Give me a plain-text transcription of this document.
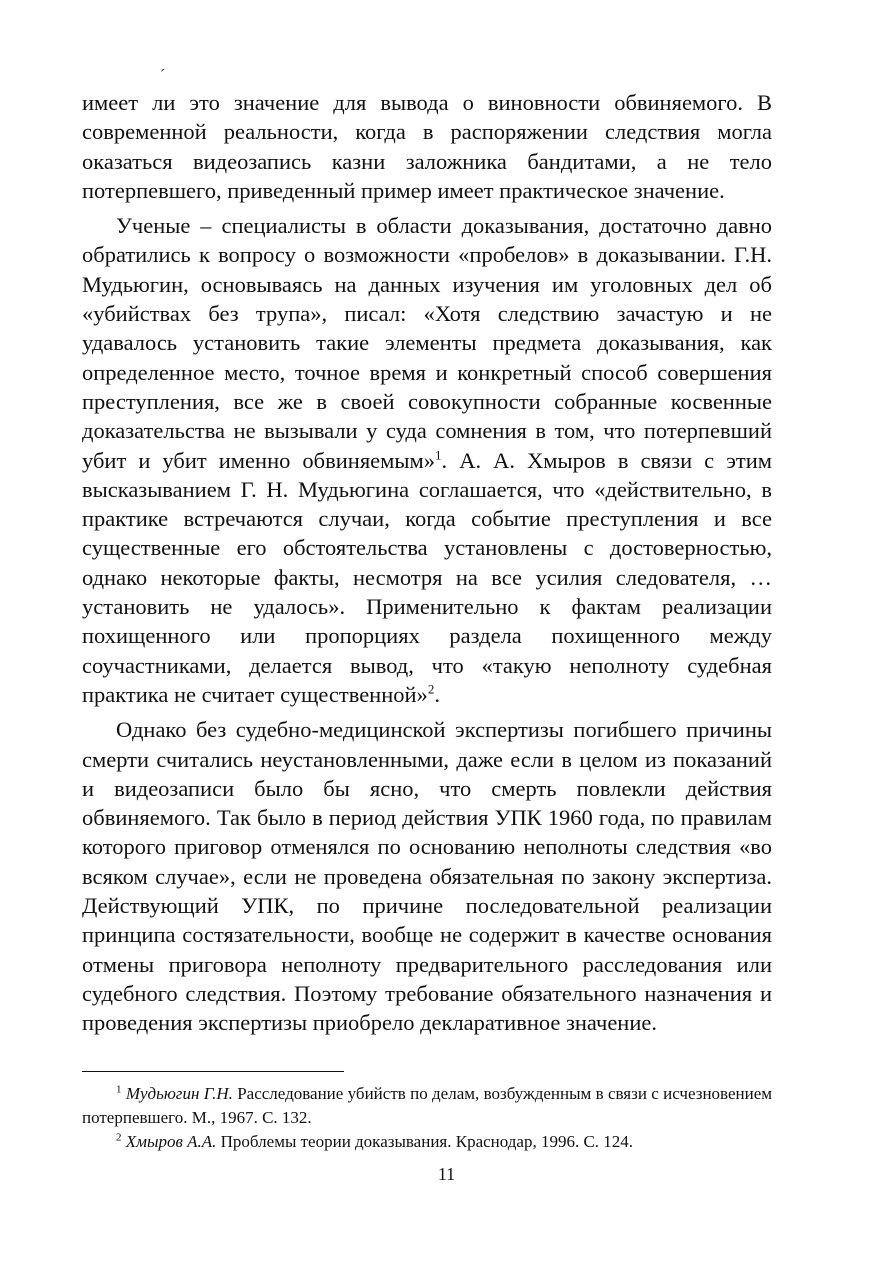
ˊ

имеет ли это значение для вывода о виновности обвиняемого. В современной реальности, когда в распоряжении следствия могла оказаться видеозапись казни заложника бандитами, а не тело потерпевшего, приведенный пример имеет практическое значение.

Ученые – специалисты в области доказывания, достаточно давно обратились к вопросу о возможности «пробелов» в доказывании. Г.Н. Мудьюгин, основываясь на данных изучения им уголовных дел об «убийствах без трупа», писал: «Хотя следствию зачастую и не удавалось установить такие элементы предмета доказывания, как определенное место, точное время и конкретный способ совершения преступления, все же в своей совокупности собранные косвенные доказательства не вызывали у суда сомнения в том, что потерпевший убит и убит именно обвиняемым»$^1$. А. А. Хмыров в связи с этим высказыванием Г. Н. Мудьюгина соглашается, что «действительно, в практике встречаются случаи, когда событие преступления и все существенные его обстоятельства установлены с достоверностью, однако некоторые факты, несмотря на все усилия следователя, … установить не удалось». Применительно к фактам реализации похищенного или пропорциях раздела похищенного между соучастниками, делается вывод, что «такую неполноту судебная практика не считает существенной»$^2$.

Однако без судебно-медицинской экспертизы погибшего причины смерти считались неустановленными, даже если в целом из показаний и видеозаписи было бы ясно, что смерть повлекли действия обвиняемого. Так было в период действия УПК 1960 года, по правилам которого приговор отменялся по основанию неполноты следствия «во всяком случае», если не проведена обязательная по закону экспертиза. Действующий УПК, по причине последовательной реализации принципа состязательности, вообще не содержит в качестве основания отмены приговора неполноту предварительного расследования или судебного следствия. Поэтому требование обязательного назначения и проведения экспертизы приобрело декларативное значение.

$^1$ Мудьюгин Г.Н. Расследование убийств по делам, возбужденным в связи с исчезновением потерпевшего. М., 1967. С. 132.

$^2$ Хмыров А.А. Проблемы теории доказывания. Краснодар, 1996. С. 124.

11
